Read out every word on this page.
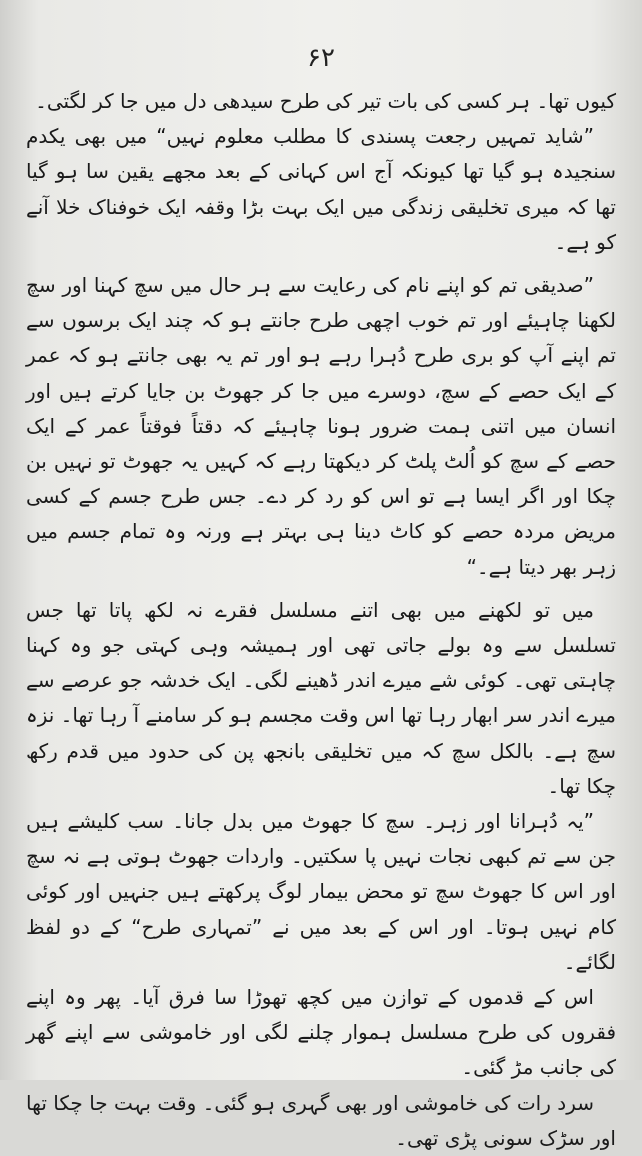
۶۲

کیوں تھا۔ ہر کسی کی بات تیر کی طرح سیدھی دل میں جا کر لگتی۔

”شاید تمہیں رجعت پسندی کا مطلب معلوم نہیں“ میں بھی یکدم سنجیدہ ہو گیا تھا کیونکہ آج اس کہانی کے بعد مجھے یقین سا ہو گیا تھا کہ میری تخلیقی زندگی میں ایک بہت بڑا وقفہ ایک خوفناک خلا آنے کو ہے۔

”صدیقی تم کو اپنے نام کی رعایت سے ہر حال میں سچ کہنا اور سچ لکھنا چاہیئے اور تم خوب اچھی طرح جانتے ہو کہ چند ایک برسوں سے تم اپنے آپ کو بری طرح دُہرا رہے ہو اور تم یہ بھی جانتے ہو کہ عمر کے ایک حصے کے سچ، دوسرے میں جا کر جھوٹ بن جایا کرتے ہیں اور انسان میں اتنی ہمت ضرور ہونا چاہیئے کہ دقتاً فوقتاً عمر کے ایک حصے کے سچ کو اُلٹ پلٹ کر دیکھتا رہے کہ کہیں یہ جھوٹ تو نہیں بن چکا اور اگر ایسا ہے تو اس کو رد کر دے۔ جس طرح جسم کے کسی مریض مردہ حصے کو کاٹ دینا ہی بہتر ہے ورنہ وہ تمام جسم میں زہر بھر دیتا ہے۔“

میں تو لکھنے میں بھی اتنے مسلسل فقرے نہ لکھ پاتا تھا جس تسلسل سے وہ بولے جاتی تھی اور ہمیشہ وہی کہتی جو وہ کہنا چاہتی تھی۔ کوئی شے میرے اندر ڈھینے لگی۔ ایک خدشہ جو عرصے سے میرے اندر سر ابھار رہا تھا اس وقت مجسم ہو کر سامنے آ رہا تھا۔ نزہ سچ ہے۔ بالکل سچ کہ میں تخلیقی بانجھ پن کی حدود میں قدم رکھ چکا تھا۔

”یہ دُہرانا اور زہر۔ سچ کا جھوٹ میں بدل جانا۔ سب کلیشے ہیں جن سے تم کبھی نجات نہیں پا سکتیں۔ واردات جھوٹ ہوتی ہے نہ سچ اور اس کا جھوٹ سچ تو محض بیمار لوگ پرکھتے ہیں جنہیں اور کوئی کام نہیں ہوتا۔ اور اس کے بعد میں نے ”تمہاری طرح“ کے دو لفظ لگائے۔

اس کے قدموں کے توازن میں کچھ تھوڑا سا فرق آیا۔ پھر وہ اپنے فقروں کی طرح مسلسل ہموار چلنے لگی اور خاموشی سے اپنے گھر کی جانب مڑ گئی۔

سرد رات کی خاموشی اور بھی گہری ہو گئی۔ وقت بہت جا چکا تھا اور سڑک سونی پڑی تھی۔
